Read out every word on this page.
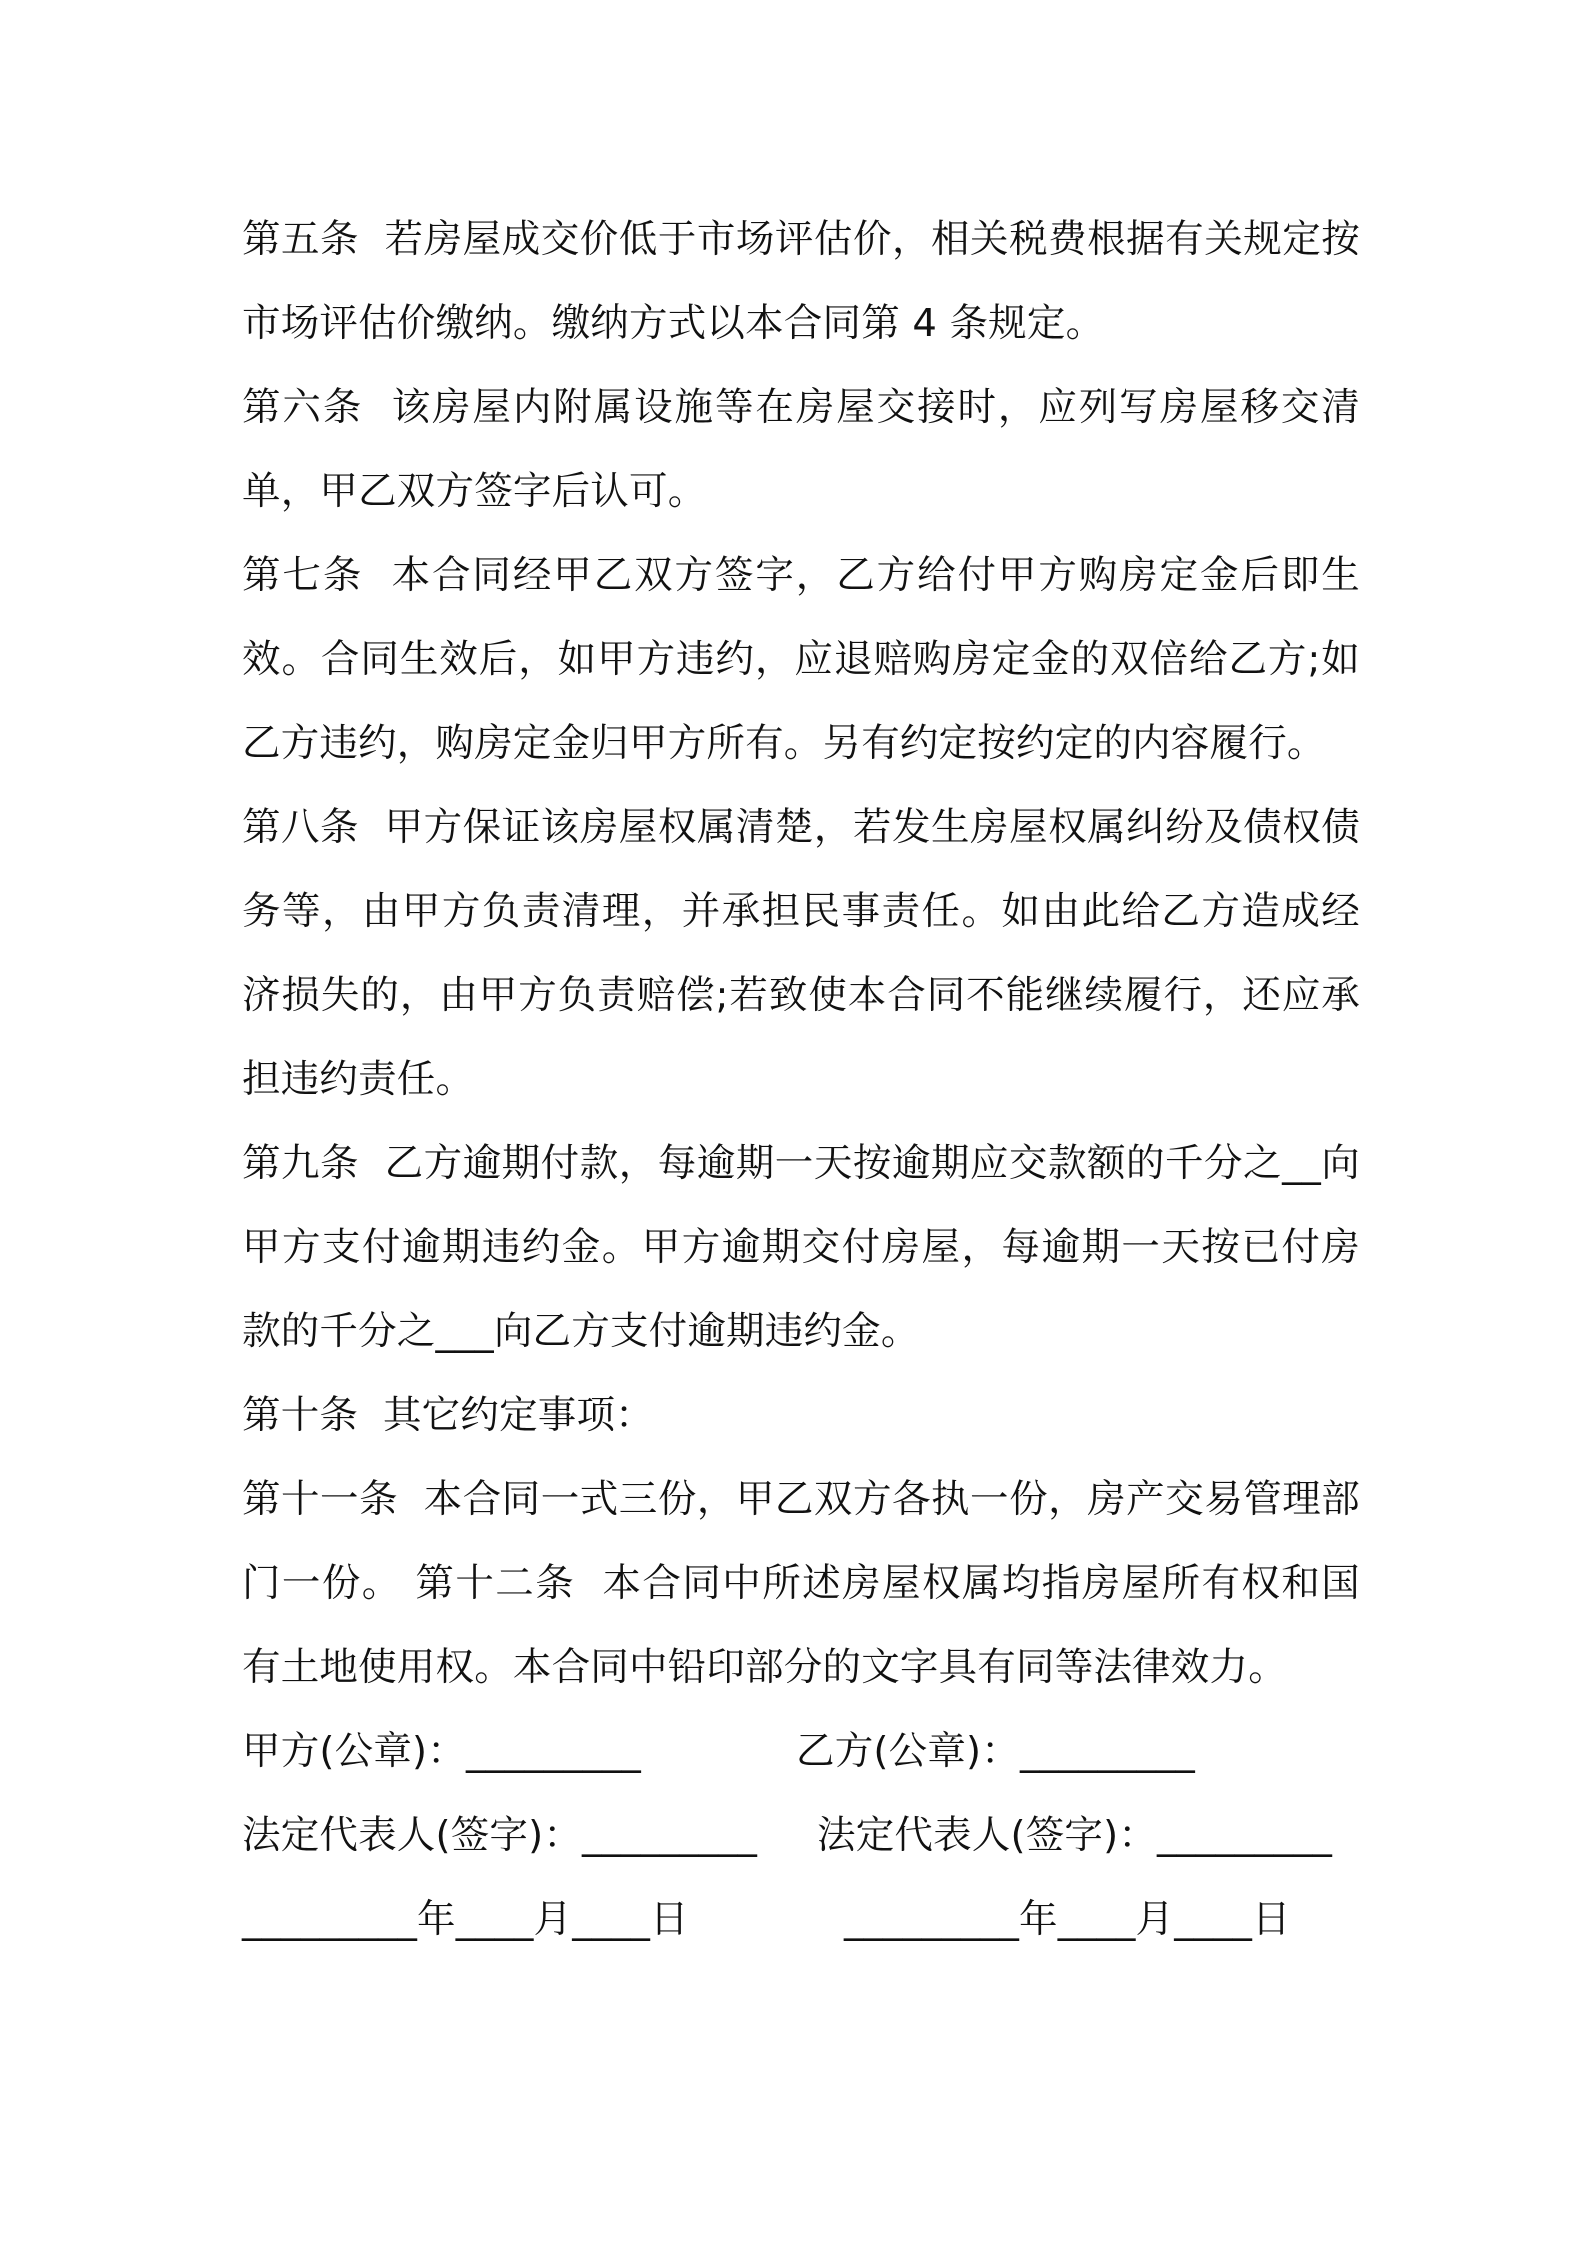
第五条  若房屋成交价低于市场评估价，相关税费根据有关规定按市场评估价缴纳。缴纳方式以本合同第 4 条规定。

第六条  该房屋内附属设施等在房屋交接时，应列写房屋移交清单，甲乙双方签字后认可。

第七条  本合同经甲乙双方签字，乙方给付甲方购房定金后即生效。合同生效后，如甲方违约，应退赔购房定金的双倍给乙方;如乙方违约，购房定金归甲方所有。另有约定按约定的内容履行。

第八条  甲方保证该房屋权属清楚，若发生房屋权属纠纷及债权债务等，由甲方负责清理，并承担民事责任。如由此给乙方造成经济损失的，由甲方负责赔偿;若致使本合同不能继续履行，还应承担违约责任。

第九条  乙方逾期付款，每逾期一天按逾期应交款额的千分之__向甲方支付逾期违约金。甲方逾期交付房屋，每逾期一天按已付房款的千分之___向乙方支付逾期违约金。

第十条  其它约定事项：

第十一条  本合同一式三份，甲乙双方各执一份，房产交易管理部门一份。 第十二条  本合同中所述房屋权属均指房屋所有权和国有土地使用权。本合同中铅印部分的文字具有同等法律效力。

甲方(公章)：_________

	乙方(公章)：_________

法定代表人(签字)：_________

法定代表人(签字)：_________

_________年____月____日

	_________年____月____日
